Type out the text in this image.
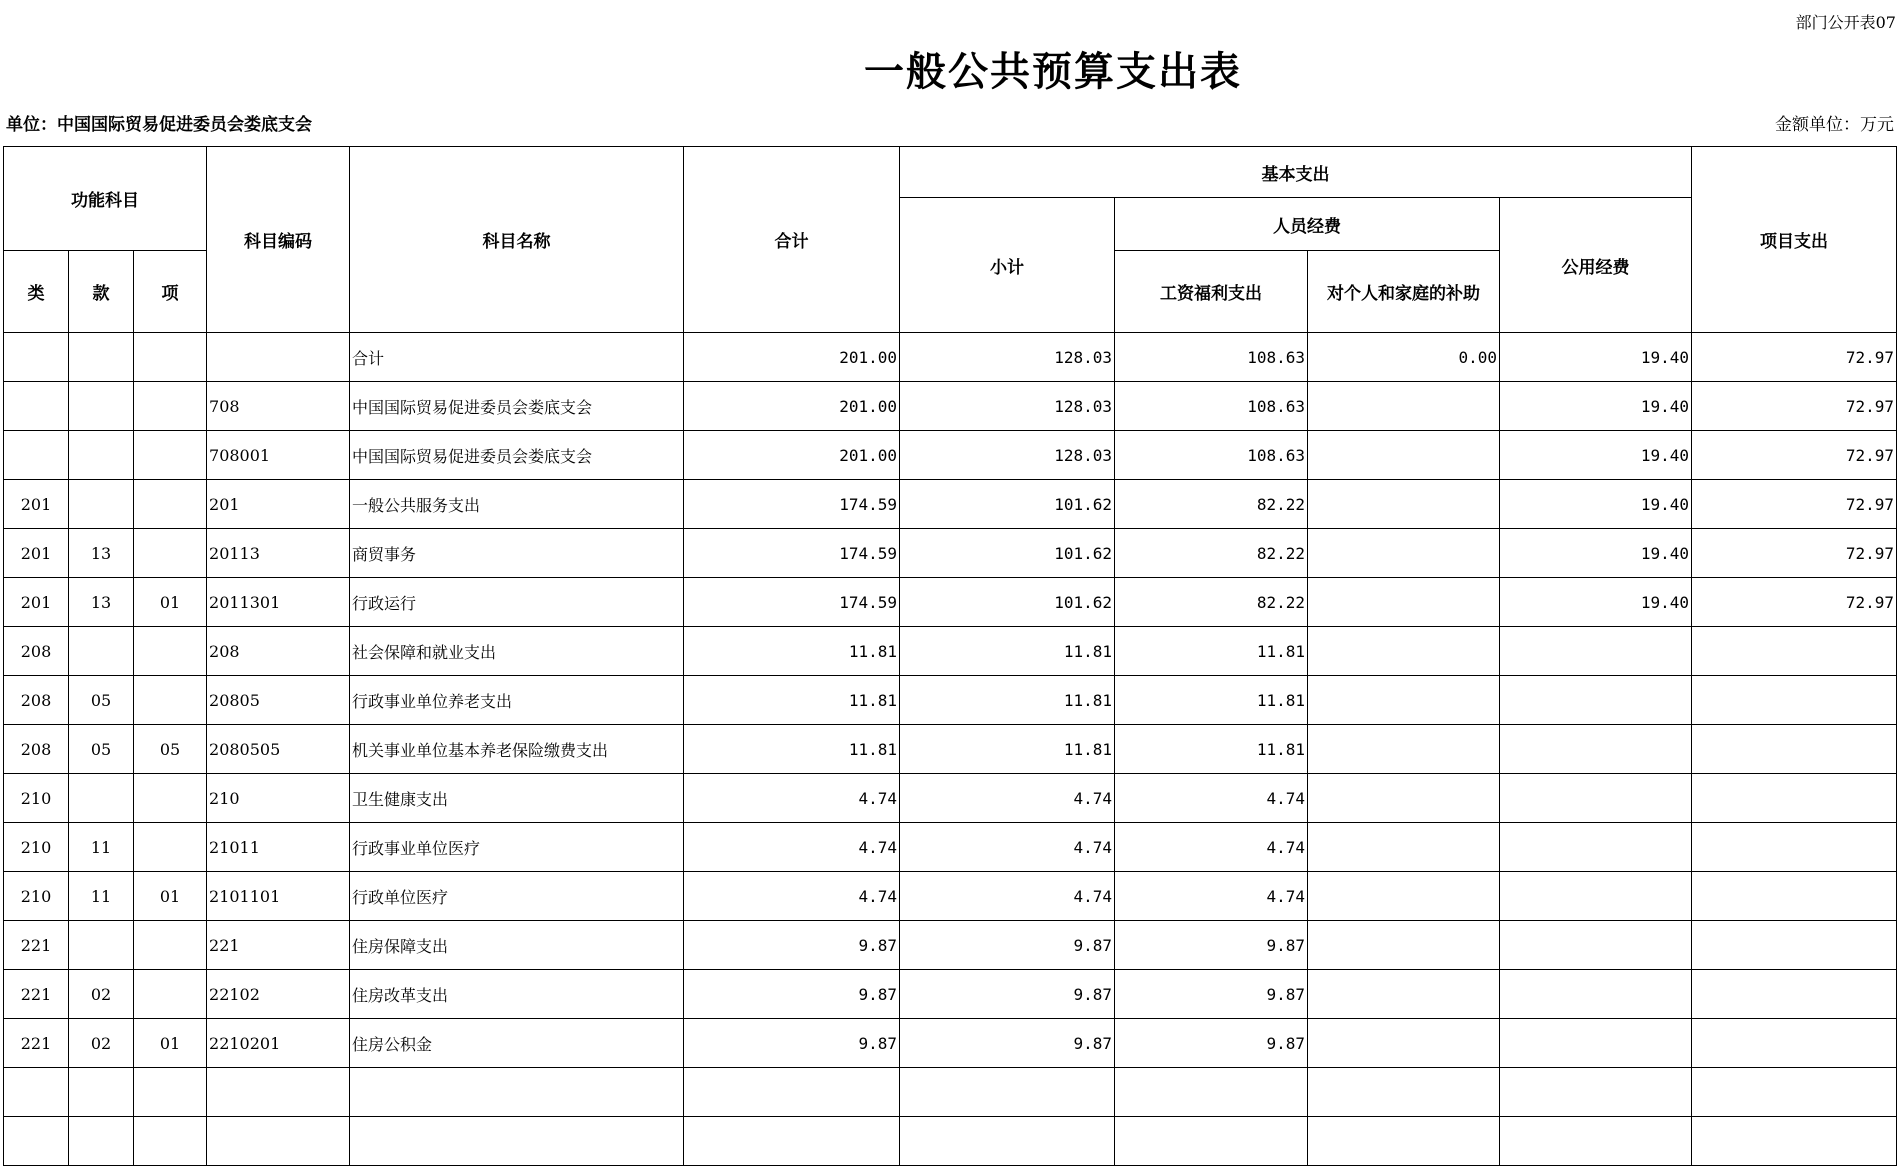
部门公开表07
一般公共预算支出表
单位：中国国际贸易促进委员会娄底支会	金额单位：万元
功能科目			科目编码	科目名称	合计	基本支出				项目支出
						小计	人员经费		公用经费	
类	款	项					工资福利支出	对个人和家庭的补助		
				合计	201.00	128.03	108.63	0.00	19.40	72.97
			708	中国国际贸易促进委员会娄底支会	201.00	128.03	108.63		19.40	72.97
			708001	中国国际贸易促进委员会娄底支会	201.00	128.03	108.63		19.40	72.97
201			201	一般公共服务支出	174.59	101.62	82.22		19.40	72.97
201	13		20113	商贸事务	174.59	101.62	82.22		19.40	72.97
201	13	01	2011301	行政运行	174.59	101.62	82.22		19.40	72.97
208			208	社会保障和就业支出	11.81	11.81	11.81			
208	05		20805	行政事业单位养老支出	11.81	11.81	11.81			
208	05	05	2080505	机关事业单位基本养老保险缴费支出	11.81	11.81	11.81			
210			210	卫生健康支出	4.74	4.74	4.74			
210	11		21011	行政事业单位医疗	4.74	4.74	4.74			
210	11	01	2101101	行政单位医疗	4.74	4.74	4.74			
221			221	住房保障支出	9.87	9.87	9.87			
221	02		22102	住房改革支出	9.87	9.87	9.87			
221	02	01	2210201	住房公积金	9.87	9.87	9.87			
